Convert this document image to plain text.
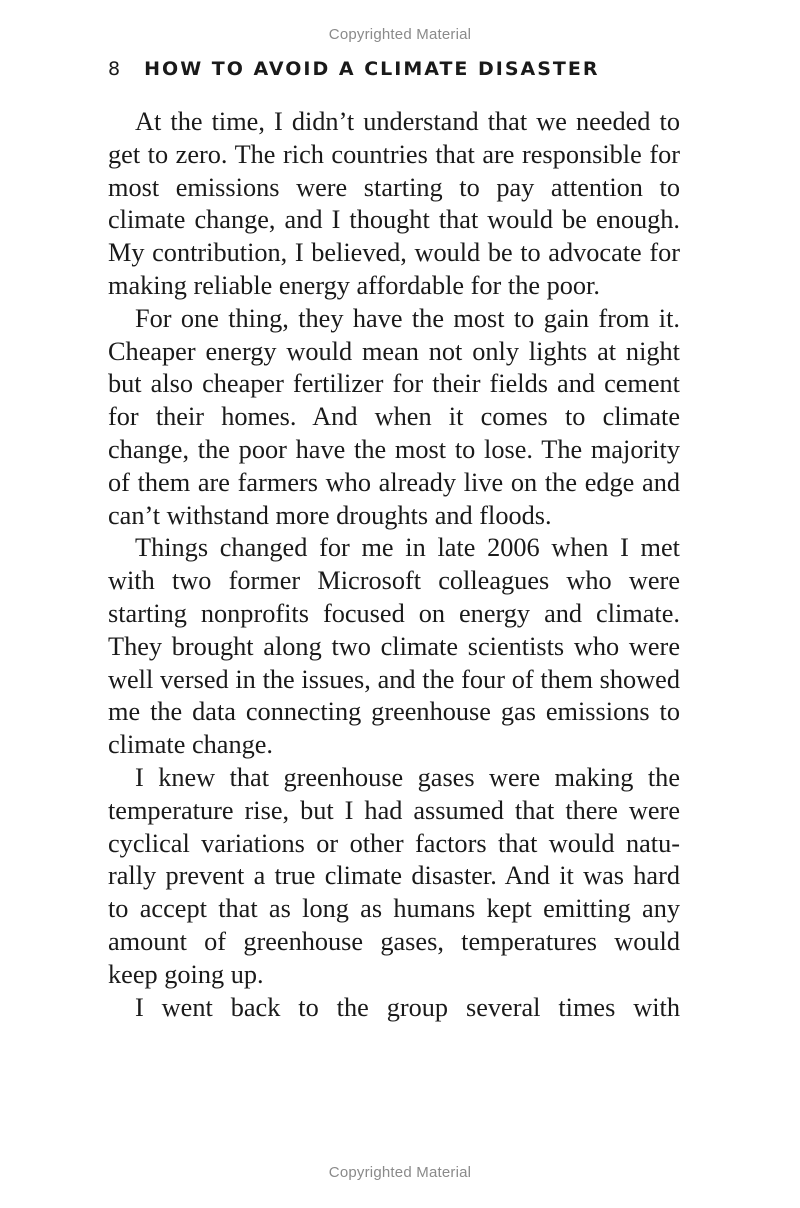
Copyrighted Material
8 HOW TO AVOID A CLIMATE DISASTER

At the time, I didn’t understand that we needed to get to zero. The rich countries that are responsible for most emissions were starting to pay attention to climate change, and I thought that would be enough. My contribution, I believed, would be to advocate for making reliable energy affordable for the poor.

For one thing, they have the most to gain from it. Cheaper energy would mean not only lights at night but also cheaper fertilizer for their fields and cement for their homes. And when it comes to climate change, the poor have the most to lose. The majority of them are farmers who already live on the edge and can’t withstand more droughts and floods.

Things changed for me in late 2006 when I met with two former Microsoft colleagues who were starting nonprofits focused on energy and climate. They brought along two climate scientists who were well versed in the issues, and the four of them showed me the data connecting greenhouse gas emissions to climate change.

I knew that greenhouse gases were making the temperature rise, but I had assumed that there were cyclical variations or other factors that would naturally prevent a true climate disaster. And it was hard to accept that as long as humans kept emitting any amount of greenhouse gases, temperatures would keep going up.

I went back to the group several times with

Copyrighted Material
